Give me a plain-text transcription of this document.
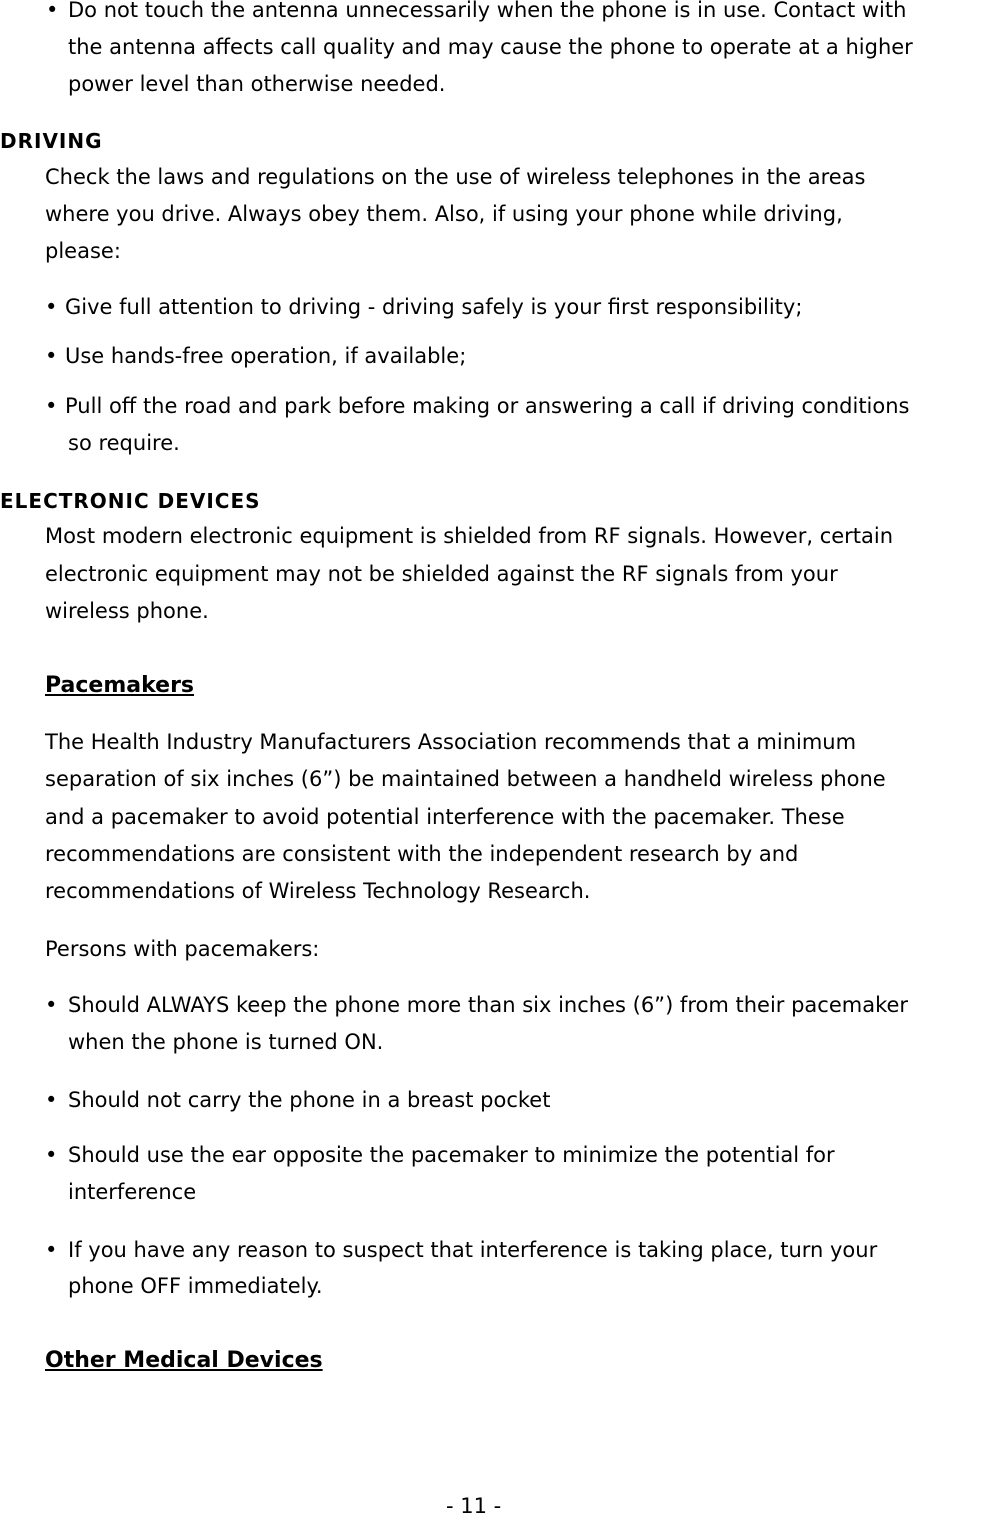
• Do not touch the antenna unnecessarily when the phone is in use. Contact with
the antenna affects call quality and may cause the phone to operate at a higher
power level than otherwise needed.
DRIVING
Check the laws and regulations on the use of wireless telephones in the areas
where you drive. Always obey them. Also, if using your phone while driving,
please:
• Give full attention to driving - driving safely is your first responsibility;
• Use hands-free operation, if available;
• Pull off the road and park before making or answering a call if driving conditions
so require.
ELECTRONIC DEVICES
Most modern electronic equipment is shielded from RF signals. However, certain
electronic equipment may not be shielded against the RF signals from your
wireless phone.
Pacemakers
The Health Industry Manufacturers Association recommends that a minimum
separation of six inches (6”) be maintained between a handheld wireless phone
and a pacemaker to avoid potential interference with the pacemaker. These
recommendations are consistent with the independent research by and
recommendations of Wireless Technology Research.
Persons with pacemakers:
• Should ALWAYS keep the phone more than six inches (6”) from their pacemaker
when the phone is turned ON.
• Should not carry the phone in a breast pocket
• Should use the ear opposite the pacemaker to minimize the potential for
interference
• If you have any reason to suspect that interference is taking place, turn your
phone OFF immediately.
Other Medical Devices
- 11 -
